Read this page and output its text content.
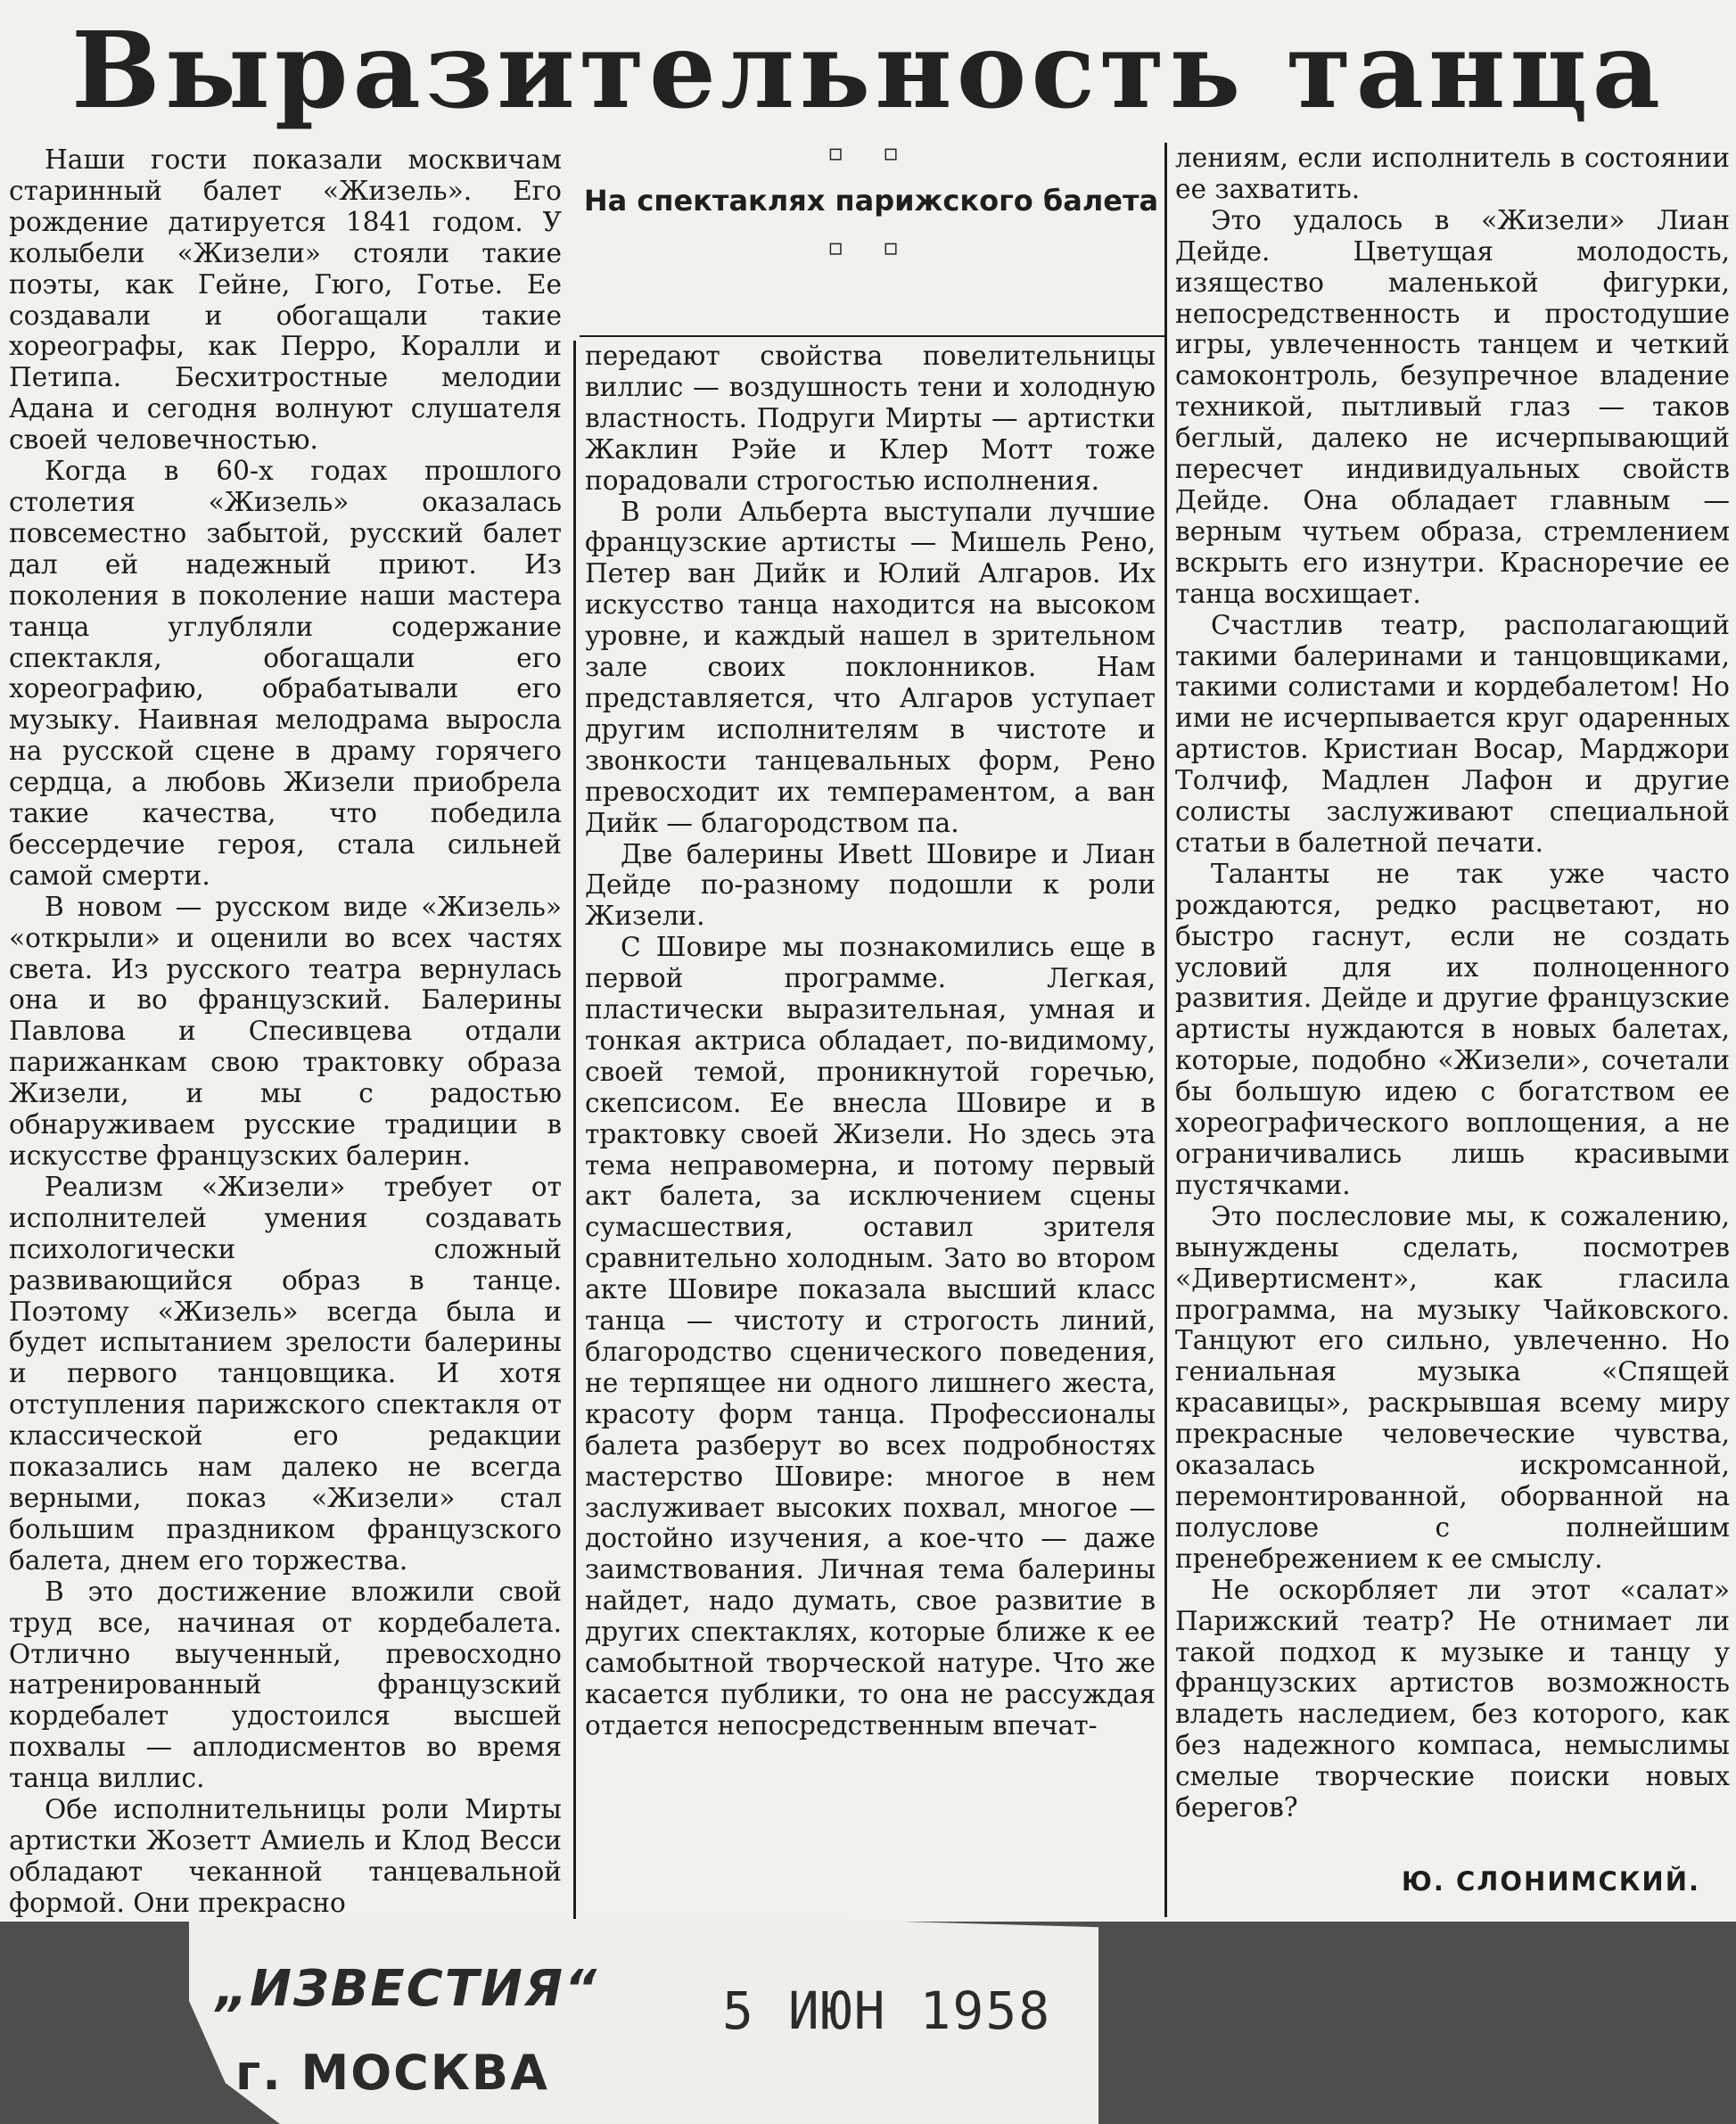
Выразительность танца
▫ ▫
На спектаклях парижского балета
▫ ▫

Наши гости показали москвичам старинный балет «Жизель». Его рождение датируется 1841 годом. У колыбели «Жизели» стояли такие поэты, как Гейне, Гюго, Готье. Ее создавали и обогащали такие хореографы, как Перро, Коралли и Петипа. Бесхитростные мелодии Адана и сегодня волнуют слушателя своей человечностью.

Когда в 60-х годах прошлого столетия «Жизель» оказалась повсеместно забытой, русский балет дал ей надежный приют. Из поколения в поколение наши мастера танца углубляли содержание спектакля, обогащали его хореографию, обрабатывали его музыку. Наивная мелодрама выросла на русской сцене в драму горячего сердца, а любовь Жизели приобрела такие качества, что победила бессердечие героя, стала сильней самой смерти.

В новом — русском виде «Жизель» «открыли» и оценили во всех частях света. Из русского театра вернулась она и во французский. Балерины Павлова и Спесивцева отдали парижанкам свою трактовку образа Жизели, и мы с радостью обнаруживаем русские традиции в искусстве французских балерин.

Реализм «Жизели» требует от исполнителей умения создавать психологически сложный развивающийся образ в танце. Поэтому «Жизель» всегда была и будет испытанием зрелости балерины и первого танцовщика. И хотя отступления парижского спектакля от классической его редакции показались нам далеко не всегда верными, показ «Жизели» стал большим праздником французского балета, днем его торжества.

В это достижение вложили свой труд все, начиная от кордебалета. Отлично выученный, превосходно натренированный французский кордебалет удостоился высшей похвалы — аплодисментов во время танца виллис.

Обе исполнительницы роли Мирты артистки Жозетт Амиель и Клод Весси обладают чеканной танцевальной формой. Они прекрасно

передают свойства повелительницы виллис — воздушность тени и холодную властность. Подруги Мирты — артистки Жаклин Рэйе и Клер Мотт тоже порадовали строгостью исполнения.

В роли Альберта выступали лучшие французские артисты — Мишель Рено, Петер ван Дийк и Юлий Алгаров. Их искусство танца находится на высоком уровне, и каждый нашел в зрительном зале своих поклонников. Нам представляется, что Алгаров уступает другим исполнителям в чистоте и звонкости танцевальных форм, Рено превосходит их темпераментом, а ван Дийк — благородством па.

Две балерины Ивett Шовире и Лиан Дейде по-разному подошли к роли Жизели.

С Шовире мы познакомились еще в первой программе. Легкая, пластически выразительная, умная и тонкая актриса обладает, по-видимому, своей темой, проникнутой горечью, скепсисом. Ее внесла Шовире и в трактовку своей Жизели. Но здесь эта тема неправомерна, и потому первый акт балета, за исключением сцены сумасшествия, оставил зрителя сравнительно холодным. Зато во втором акте Шовире показала высший класс танца — чистоту и строгость линий, благородство сценического поведения, не терпящее ни одного лишнего жеста, красоту форм танца. Профессионалы балета разберут во всех подробностях мастерство Шовире: многое в нем заслуживает высоких похвал, многое — достойно изучения, а кое-что — даже заимствования. Личная тема балерины найдет, надо думать, свое развитие в других спектаклях, которые ближе к ее самобытной творческой натуре. Что же касается публики, то она не рассуждая отдается непосредственным впечат-

лениям, если исполнитель в состоянии ее захватить.

Это удалось в «Жизели» Лиан Дейде. Цветущая молодость, изящество маленькой фигурки, непосредственность и простодушие игры, увлеченность танцем и четкий самоконтроль, безупречное владение техникой, пытливый глаз — таков беглый, далеко не исчерпывающий пересчет индивидуальных свойств Дейде. Она обладает главным — верным чутьем образа, стремлением вскрыть его изнутри. Красноречие ее танца восхищает.

Счастлив театр, располагающий такими балеринами и танцовщиками, такими солистами и кордебалетом! Но ими не исчерпывается круг одаренных артистов. Кристиан Восар, Марджори Толчиф, Мадлен Лафон и другие солисты заслуживают специальной статьи в балетной печати.

Таланты не так уже часто рождаются, редко расцветают, но быстро гаснут, если не создать условий для их полноценного развития. Дейде и другие французские артисты нуждаются в новых балетах, которые, подобно «Жизели», сочетали бы большую идею с богатством ее хореографического воплощения, а не ограничивались лишь красивыми пустячками.

Это послесловие мы, к сожалению, вынуждены сделать, посмотрев «Дивертисмент», как гласила программа, на музыку Чайковского. Танцуют его сильно, увлеченно. Но гениальная музыка «Спящей красавицы», раскрывшая всему миру прекрасные человеческие чувства, оказалась искромсанной, перемонтированной, оборванной на полуслове с полнейшим пренебрежением к ее смыслу.

Не оскорбляет ли этот «салат» Парижский театр? Не отнимает ли такой подход к музыке и танцу у французских артистов возможность владеть наследием, без которого, как без надежного компаса, немыслимы смелые творческие поиски новых берегов?

Ю. СЛОНИМСКИЙ.
„ИЗВЕСТИЯ“
г. МОСКВА
5 ИЮН 1958
